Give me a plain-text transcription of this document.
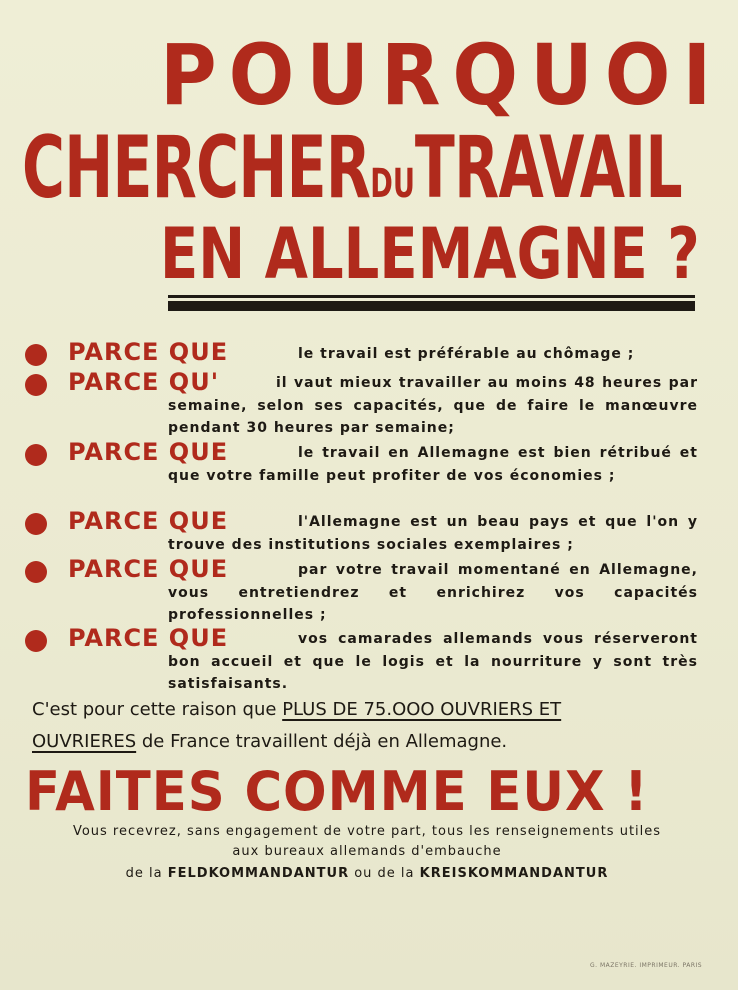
POURQUOI
CHERCHERDUTRAVAIL
EN ALLEMAGNE ?
PARCE QUE	le travail est préférable au chômage ;
PARCE QU'	il vaut mieux travailler au moins 48 heures par semaine, selon ses capacités, que de faire le manœuvre pendant 30 heures par semaine;
PARCE QUE	le travail en Allemagne est bien rétribué et que votre famille peut profiter de vos économies ;
PARCE QUE	l'Allemagne est un beau pays et que l'on y trouve des institutions sociales exemplaires ;
PARCE QUE	par votre travail momentané en Allemagne, vous entretiendrez et enrichirez vos capacités professionnelles ;
PARCE QUE	vos camarades allemands vous réserveront bon accueil et que le logis et la nourriture y sont très satisfaisants.
C'est pour cette raison que PLUS DE 75.OOO OUVRIERS ET
OUVRIERES de France travaillent déjà en Allemagne.
FAITES COMME EUX !
Vous recevrez, sans engagement de votre part, tous les renseignements utiles
aux bureaux allemands d'embauche
de la FELDKOMMANDANTUR ou de la KREISKOMMANDANTUR
G. MAZEYRIE. IMPRIMEUR. PARIS
